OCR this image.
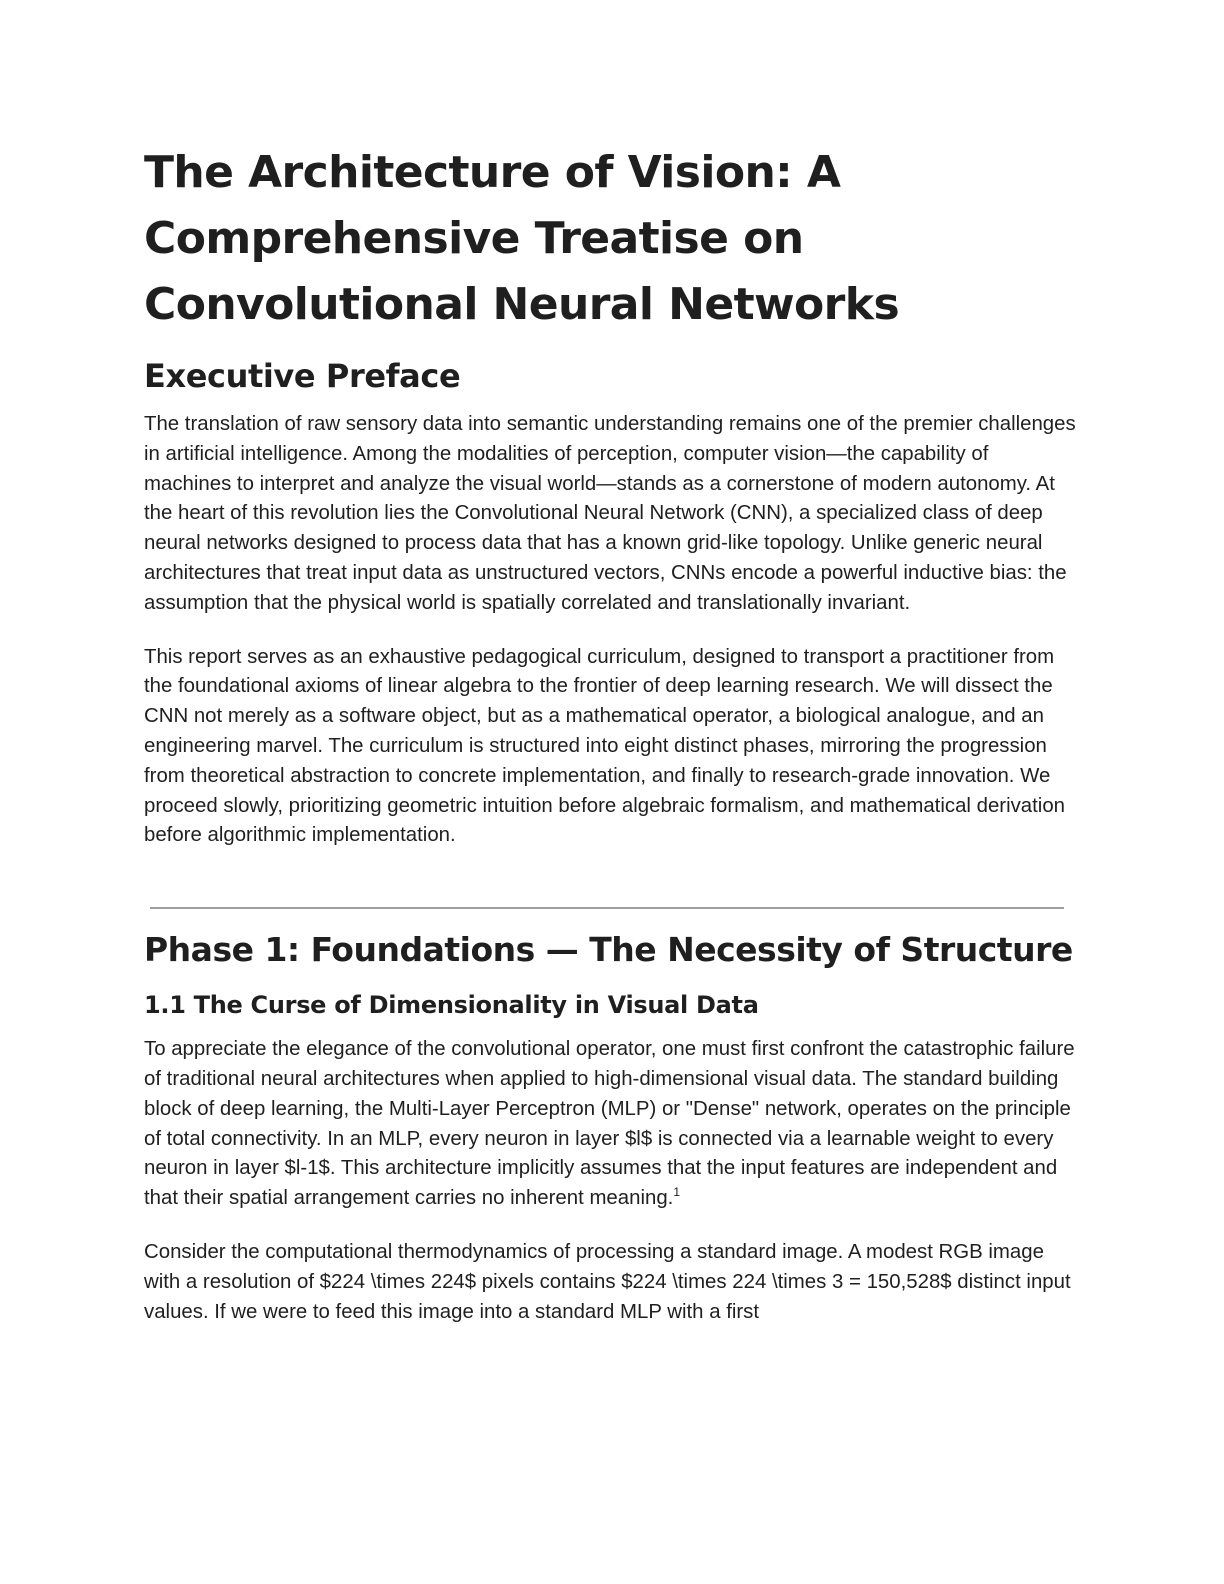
The Architecture of Vision: A Comprehensive Treatise on Convolutional Neural Networks
Executive Preface

The translation of raw sensory data into semantic understanding remains one of the premier challenges in artificial intelligence. Among the modalities of perception, computer vision—the capability of machines to interpret and analyze the visual world—stands as a cornerstone of modern autonomy. At the heart of this revolution lies the Convolutional Neural Network (CNN), a specialized class of deep neural networks designed to process data that has a known grid-like topology. Unlike generic neural architectures that treat input data as unstructured vectors, CNNs encode a powerful inductive bias: the assumption that the physical world is spatially correlated and translationally invariant.

This report serves as an exhaustive pedagogical curriculum, designed to transport a practitioner from the foundational axioms of linear algebra to the frontier of deep learning research. We will dissect the CNN not merely as a software object, but as a mathematical operator, a biological analogue, and an engineering marvel. The curriculum is structured into eight distinct phases, mirroring the progression from theoretical abstraction to concrete implementation, and finally to research-grade innovation. We proceed slowly, prioritizing geometric intuition before algebraic formalism, and mathematical derivation before algorithmic implementation.

Phase 1: Foundations — The Necessity of Structure
1.1 The Curse of Dimensionality in Visual Data

To appreciate the elegance of the convolutional operator, one must first confront the catastrophic failure of traditional neural architectures when applied to high-dimensional visual data. The standard building block of deep learning, the Multi-Layer Perceptron (MLP) or "Dense" network, operates on the principle of total connectivity. In an MLP, every neuron in layer $l$ is connected via a learnable weight to every neuron in layer $l-1$. This architecture implicitly assumes that the input features are independent and that their spatial arrangement carries no inherent meaning.$^1$

Consider the computational thermodynamics of processing a standard image. A modest RGB image with a resolution of $224 \times 224$ pixels contains $224 \times 224 \times 3 = 150,528$ distinct input values. If we were to feed this image into a standard MLP with a first
